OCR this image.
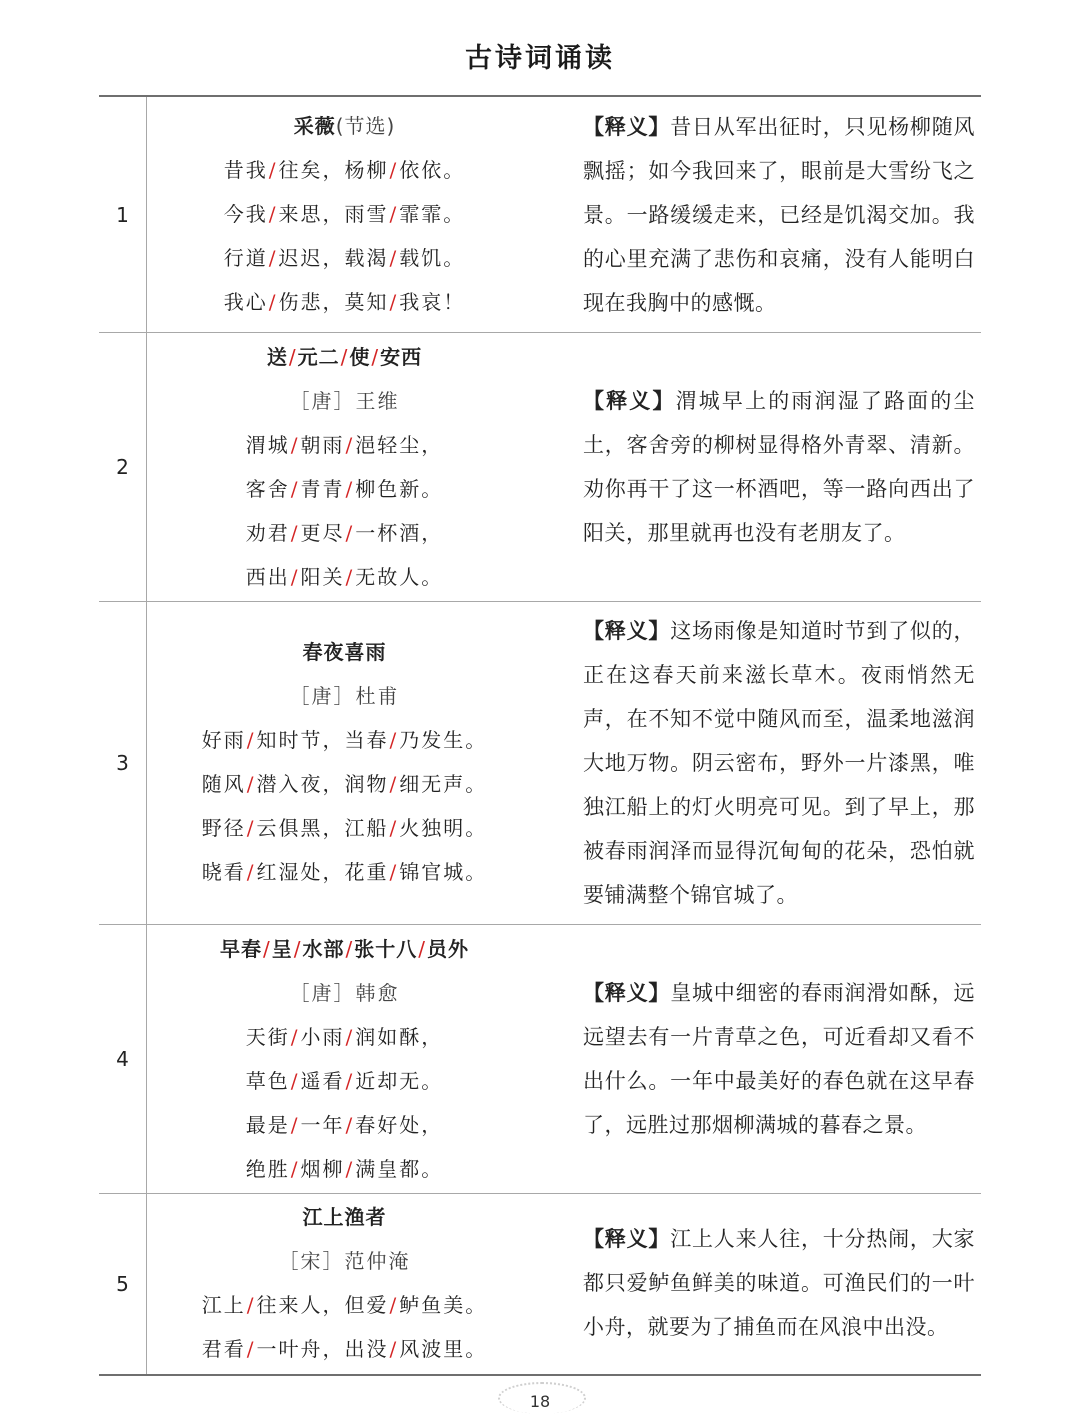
古诗词诵读
1
采薇(节选)
昔我/往矣，杨柳/依依。
今我/来思，雨雪/霏霏。
行道/迟迟，载渴/载饥。
我心/伤悲，莫知/我哀！
【释义】昔日从军出征时，只见杨柳随风飘摇；如今我回来了，眼前是大雪纷飞之景。一路缓缓走来，已经是饥渴交加。我的心里充满了悲伤和哀痛，没有人能明白现在我胸中的感慨。
2
送/元二/使/安西
［唐］王维
渭城/朝雨/浥轻尘，
客舍/青青/柳色新。
劝君/更尽/一杯酒，
西出/阳关/无故人。
【释义】渭城早上的雨润湿了路面的尘土，客舍旁的柳树显得格外青翠、清新。劝你再干了这一杯酒吧，等一路向西出了阳关，那里就再也没有老朋友了。
3
春夜喜雨
［唐］杜甫
好雨/知时节，当春/乃发生。
随风/潜入夜，润物/细无声。
野径/云俱黑，江船/火独明。
晓看/红湿处，花重/锦官城。
【释义】这场雨像是知道时节到了似的，正在这春天前来滋长草木。夜雨悄然无声，在不知不觉中随风而至，温柔地滋润大地万物。阴云密布，野外一片漆黑，唯独江船上的灯火明亮可见。到了早上，那被春雨润泽而显得沉甸甸的花朵，恐怕就要铺满整个锦官城了。
4
早春/呈/水部/张十八/员外
［唐］韩愈
天街/小雨/润如酥，
草色/遥看/近却无。
最是/一年/春好处，
绝胜/烟柳/满皇都。
【释义】皇城中细密的春雨润滑如酥，远远望去有一片青草之色，可近看却又看不出什么。一年中最美好的春色就在这早春了，远胜过那烟柳满城的暮春之景。
5
江上渔者
［宋］范仲淹
江上/往来人，但爱/鲈鱼美。
君看/一叶舟，出没/风波里。
【释义】江上人来人往，十分热闹，大家都只爱鲈鱼鲜美的味道。可渔民们的一叶小舟，就要为了捕鱼而在风浪中出没。
18
